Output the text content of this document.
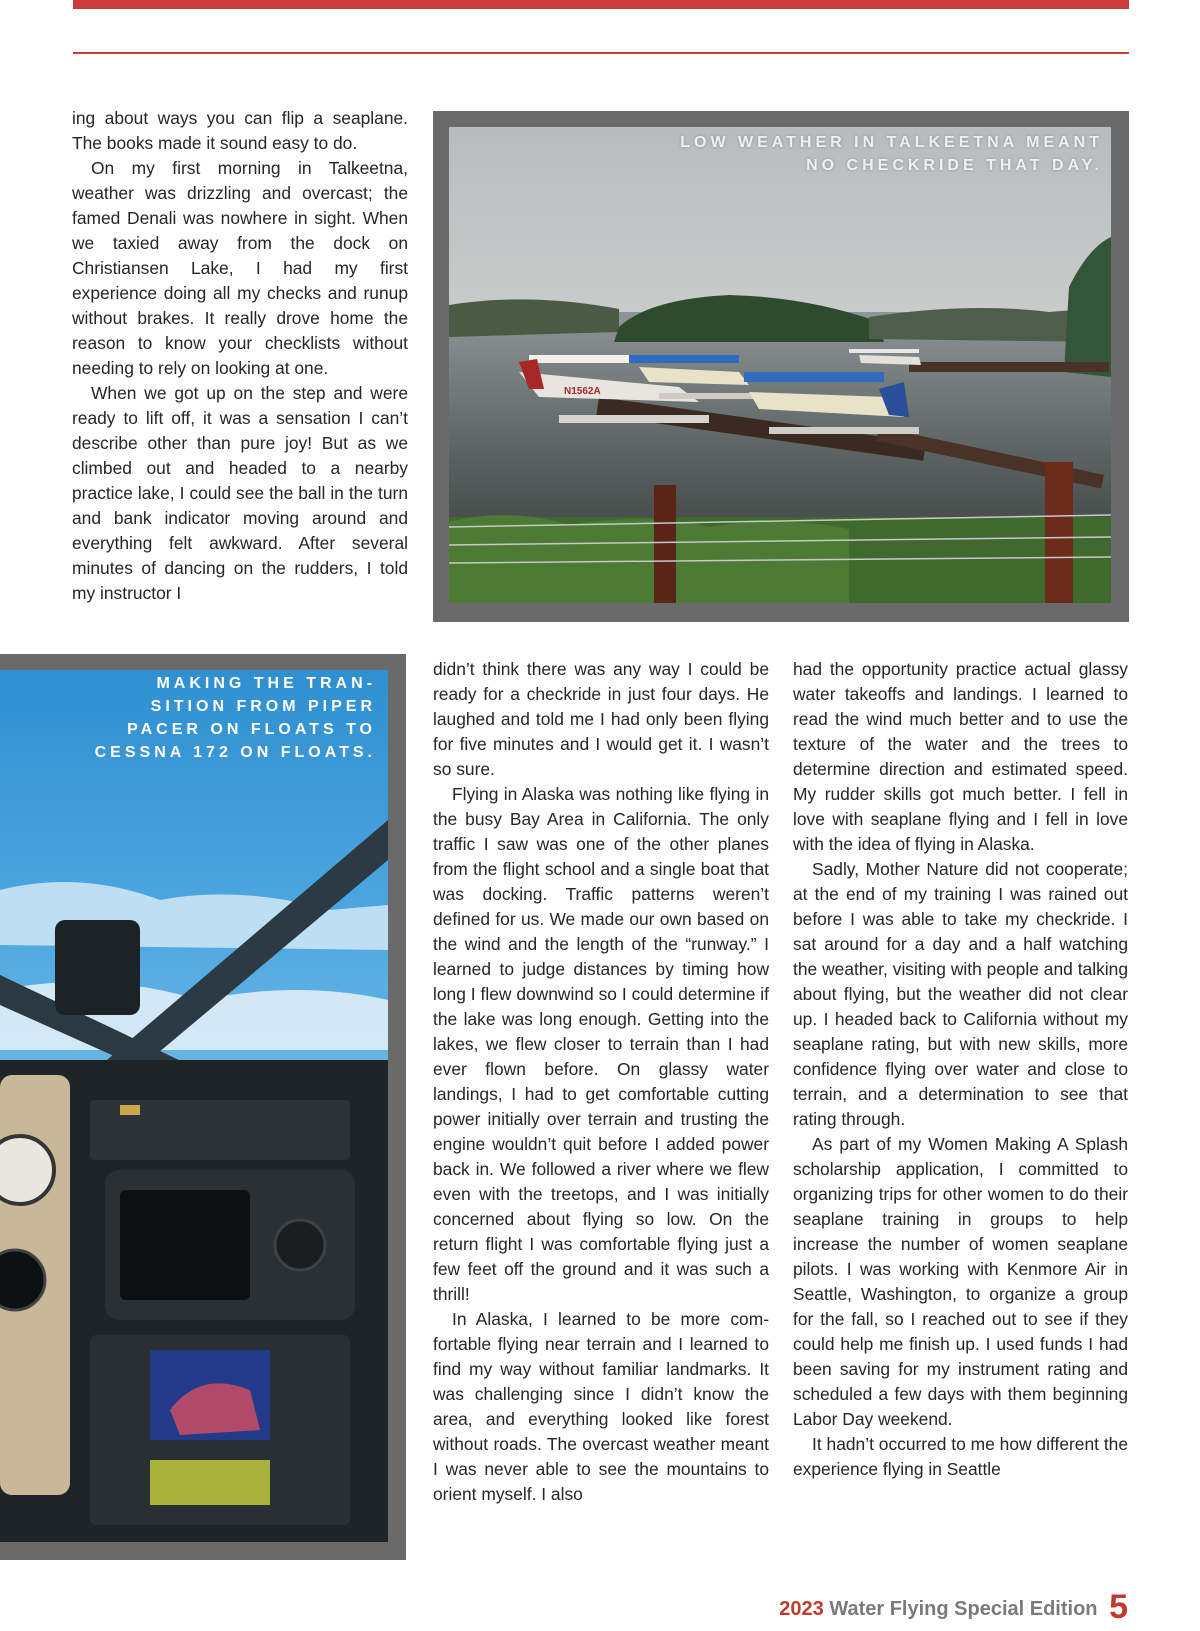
ing about ways you can flip a seaplane. The books made it sound easy to do.

On my first morning in Talkeetna, weather was drizzling and overcast; the famed Denali was nowhere in sight. When we taxied away from the dock on Christiansen Lake, I had my first experience doing all my checks and runup without brakes. It really drove home the reason to know your checklists without needing to rely on looking at one.

When we got up on the step and were ready to lift off, it was a sensation I can’t describe other than pure joy! But as we climbed out and headed to a nearby practice lake, I could see the ball in the turn and bank indicator moving around and everything felt awkward. After several minutes of dancing on the rudders, I told my instructor I

N1562A
LOW WEATHER IN TALKEETNA MEANT
NO CHECKRIDE THAT DAY.
MAKING THE TRAN-
SITION FROM PIPER
PACER ON FLOATS TO
CESSNA 172 ON FLOATS.

didn’t think there was any way I could be ready for a checkride in just four days. He laughed and told me I had only been flying for five minutes and I would get it. I wasn’t so sure.

Flying in Alaska was nothing like flying in the busy Bay Area in California. The only traffic I saw was one of the other planes from the flight school and a single boat that was docking. Traffic patterns weren’t defined for us. We made our own based on the wind and the length of the “runway.” I learned to judge distances by timing how long I flew downwind so I could determine if the lake was long enough. Getting into the lakes, we flew closer to terrain than I had ever flown before. On glassy water landings, I had to get comfortable cutting power initially over terrain and trusting the engine wouldn’t quit before I added power back in. We followed a river where we flew even with the treetops, and I was initially concerned about flying so low. On the return flight I was comfortable flying just a few feet off the ground and it was such a thrill!

In Alaska, I learned to be more comfortable flying near terrain and I learned to find my way without familiar landmarks. It was challenging since I didn’t know the area, and everything looked like forest without roads. The overcast weather meant I was never able to see the mountains to orient myself. I also

had the opportunity practice actual glassy water takeoffs and landings. I learned to read the wind much better and to use the texture of the water and the trees to determine direction and estimated speed. My rudder skills got much better. I fell in love with seaplane flying and I fell in love with the idea of flying in Alaska.

Sadly, Mother Nature did not cooperate; at the end of my training I was rained out before I was able to take my checkride. I sat around for a day and a half watching the weather, visiting with people and talking about flying, but the weather did not clear up. I headed back to California without my seaplane rating, but with new skills, more confidence flying over water and close to terrain, and a determination to see that rating through.

As part of my Women Making A Splash scholarship application, I committed to organizing trips for other women to do their seaplane training in groups to help increase the number of women seaplane pilots. I was working with Kenmore Air in Seattle, Washington, to organize a group for the fall, so I reached out to see if they could help me finish up. I used funds I had been saving for my instrument rating and scheduled a few days with them beginning Labor Day weekend.

It hadn’t occurred to me how different the experience flying in Seattle

2023 Water Flying Special Edition 5
